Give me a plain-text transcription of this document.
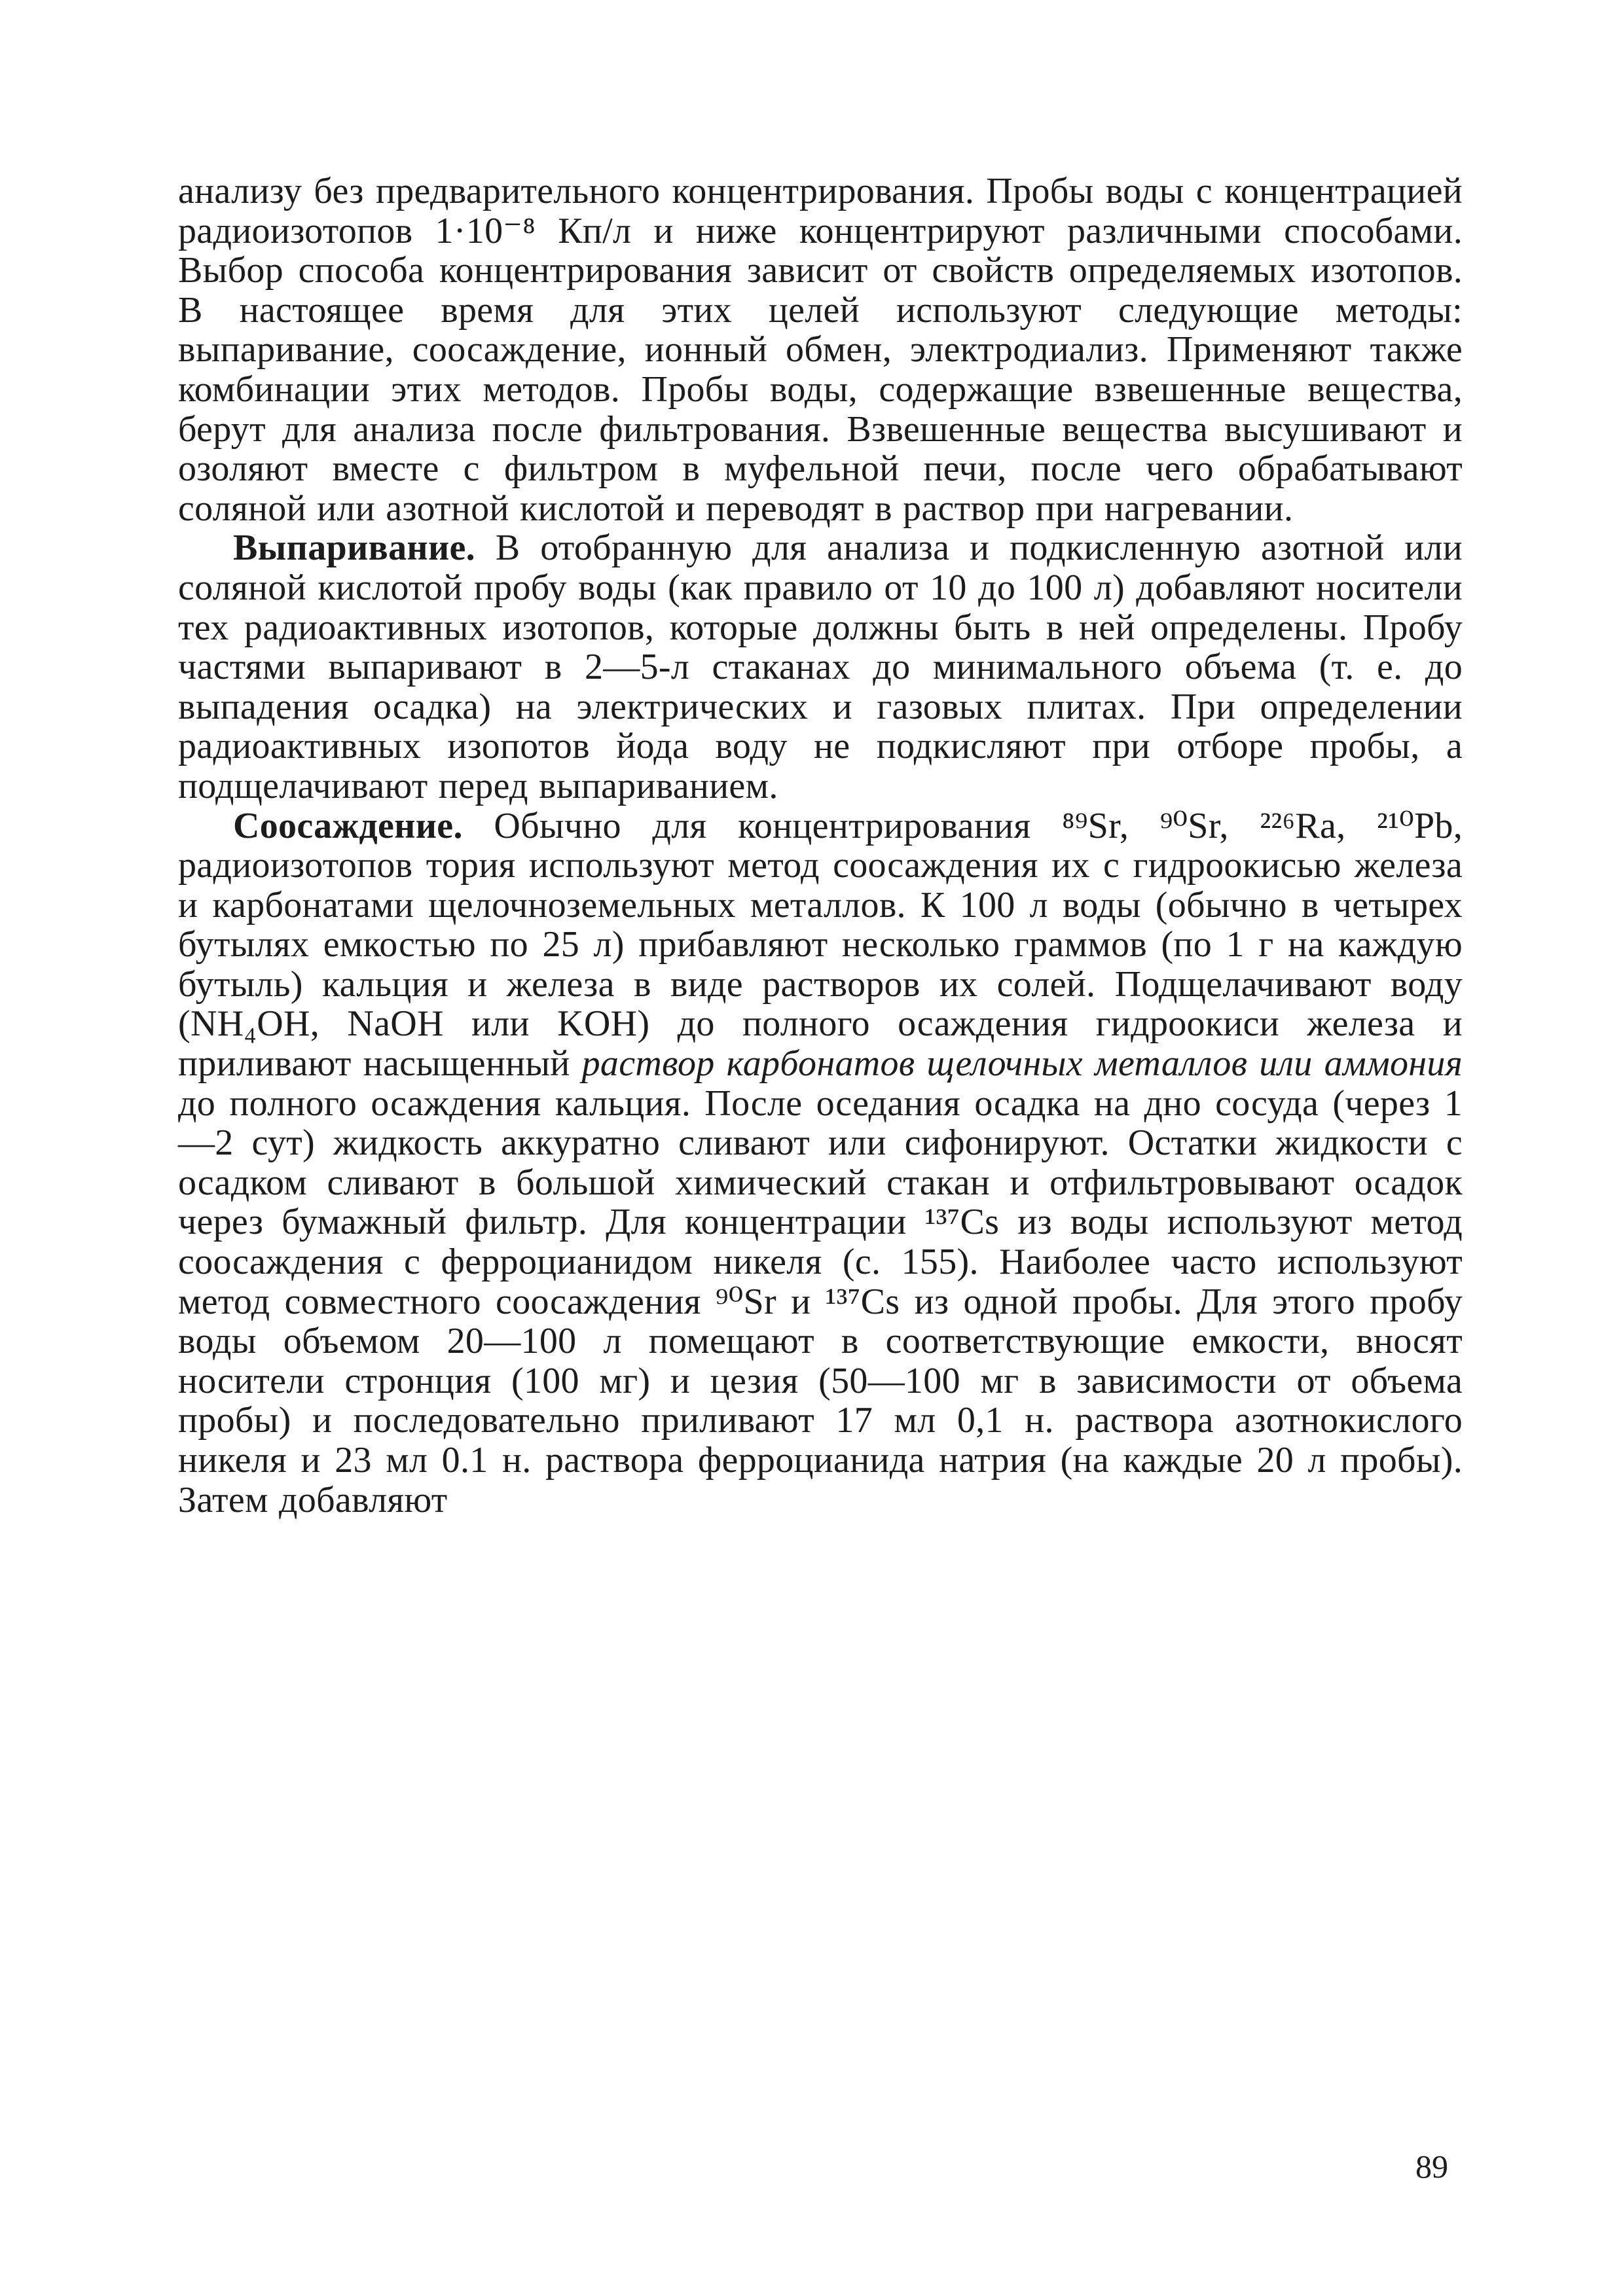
анализу без предварительного концентрирования. Пробы воды с концентрацией радиоизотопов 1·10⁻⁸ Кп/л и ниже концентрируют различными способами. Выбор способа концентрирования зависит от свойств определяемых изотопов. В настоящее время для этих целей используют следующие методы: выпаривание, соосаждение, ионный обмен, электродиализ. Применяют также комбинации этих методов. Пробы воды, содержащие взвешенные вещества, берут для анализа после фильтрования. Взвешенные вещества высушивают и озоляют вместе с фильтром в муфельной печи, после чего обрабатывают соляной или азотной кислотой и переводят в раствор при нагревании.

Выпаривание. В отобранную для анализа и подкисленную азотной или соляной кислотой пробу воды (как правило от 10 до 100 л) добавляют носители тех радиоактивных изотопов, которые должны быть в ней определены. Пробу частями выпаривают в 2—5-л стаканах до минимального объема (т. е. до выпадения осадка) на электрических и газовых плитах. При определении радиоактивных изопотов йода воду не подкисляют при отборе пробы, а подщелачивают перед выпариванием.

Соосаждение. Обычно для концентрирования ⁸⁹Sr, ⁹⁰Sr, ²²⁶Ra, ²¹⁰Pb, радиоизотопов тория используют метод соосаждения их с гидроокисью железа и карбонатами щелочноземельных металлов. К 100 л воды (обычно в четырех бутылях емкостью по 25 л) прибавляют несколько граммов (по 1 г на каждую бутыль) кальция и железа в виде растворов их солей. Подщелачивают воду (NH₄OH, NaOH или KOH) до полного осаждения гидроокиси железа и приливают насыщенный раствор карбонатов щелочных металлов или аммония до полного осаждения кальция. После оседания осадка на дно сосуда (через 1—2 сут) жидкость аккуратно сливают или сифонируют. Остатки жидкости с осадком сливают в большой химический стакан и отфильтровывают осадок через бумажный фильтр. Для концентрации ¹³⁷Cs из воды используют метод соосаждения с ферроцианидом никеля (с. 155). Наиболее часто используют метод совместного соосаждения ⁹⁰Sr и ¹³⁷Cs из одной пробы. Для этого пробу воды объемом 20—100 л помещают в соответствующие емкости, вносят носители стронция (100 мг) и цезия (50—100 мг в зависимости от объема пробы) и последовательно приливают 17 мл 0,1 н. раствора азотнокислого никеля и 23 мл 0.1 н. раствора ферроцианида натрия (на каждые 20 л пробы). Затем добавляют

89
